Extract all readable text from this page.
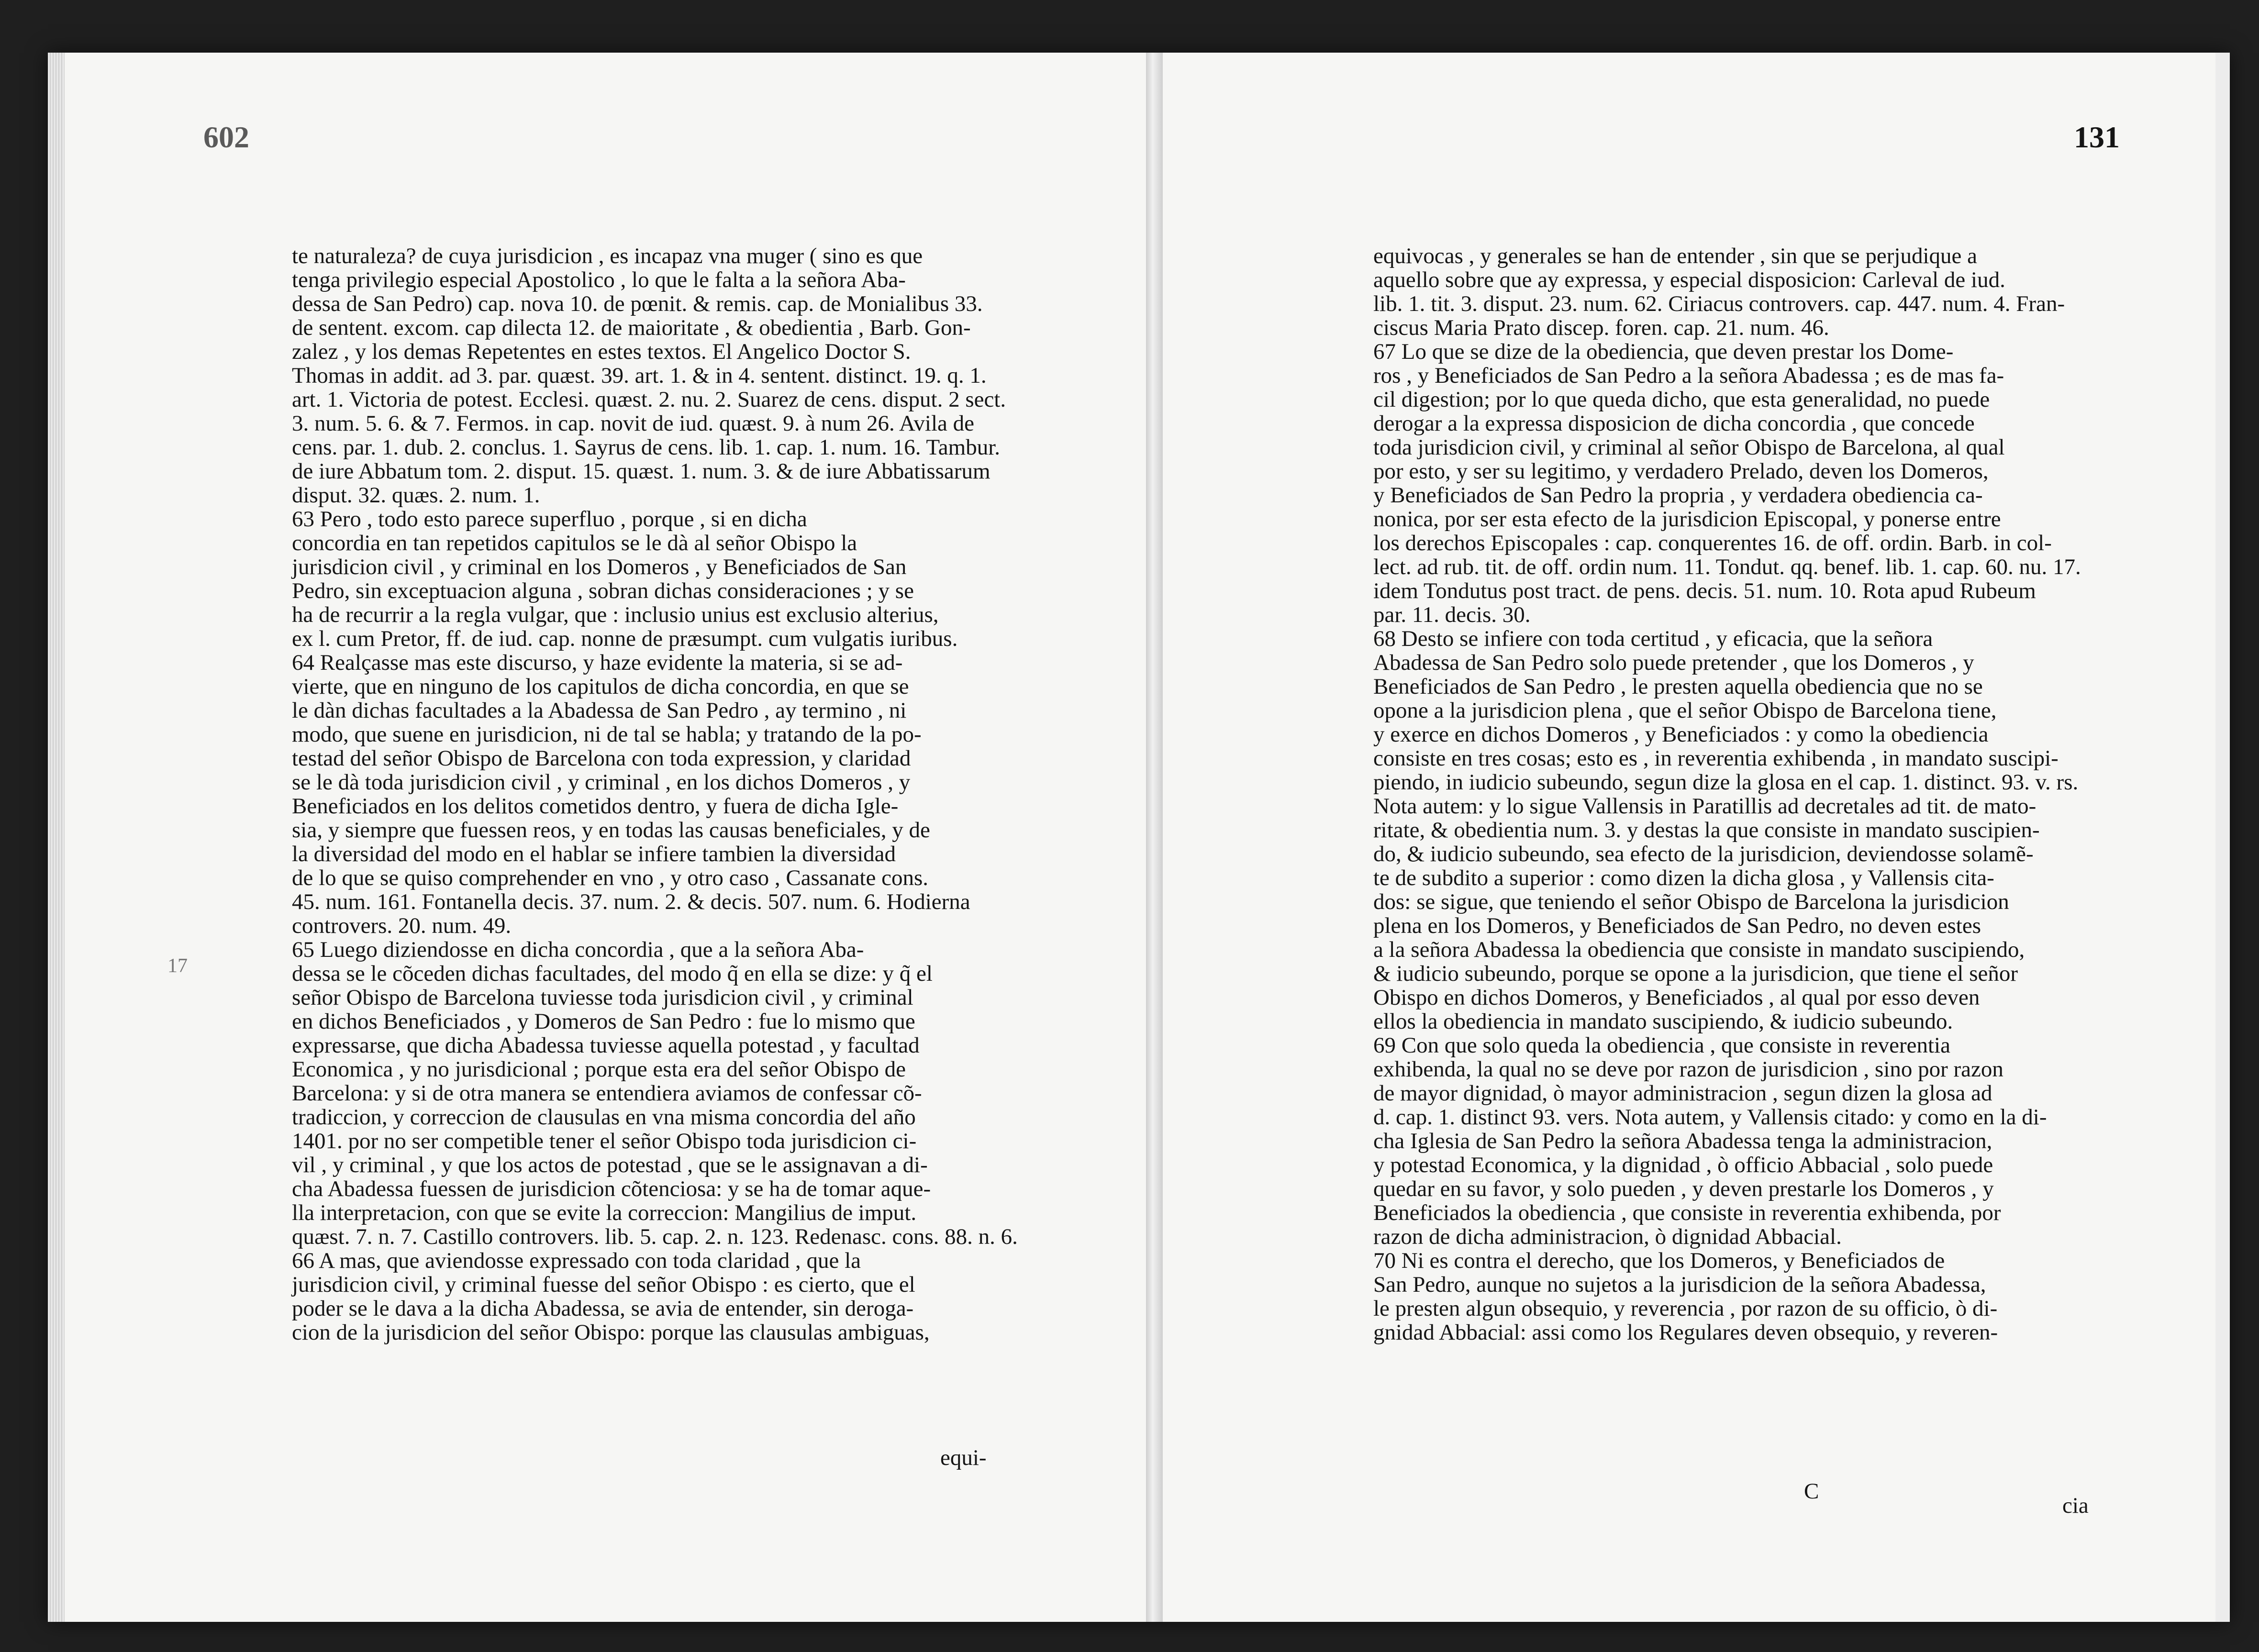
602
17
te naturaleza? de cuya jurisdicion , es incapaz vna muger ( sino es que
tenga privilegio especial Apostolico , lo que le falta a la señora Aba-
dessa de San Pedro) cap. nova 10. de pœnit. & remis. cap. de Monialibus 33.
de sentent. excom. cap dilecta 12. de maioritate , & obedientia , Barb. Gon-
zalez , y los demas Repetentes en estes textos. El Angelico Doctor S.
Thomas in addit. ad 3. par. quæst. 39. art. 1. & in 4. sentent. distinct. 19. q. 1.
art. 1. Victoria de potest. Ecclesi. quæst. 2. nu. 2. Suarez de cens. disput. 2 sect.
3. num. 5. 6. & 7. Fermos. in cap. novit de iud. quæst. 9. à num 26. Avila de
cens. par. 1. dub. 2. conclus. 1. Sayrus de cens. lib. 1. cap. 1. num. 16. Tambur.
de iure Abbatum tom. 2. disput. 15. quæst. 1. num. 3. & de iure Abbatissarum
disput. 32. quæs. 2. num. 1.
63 Pero , todo esto parece superfluo , porque , si en dicha
concordia en tan repetidos capitulos se le dà al señor Obispo la
jurisdicion civil , y criminal en los Domeros , y Beneficiados de San
Pedro, sin exceptuacion alguna , sobran dichas consideraciones ; y se
ha de recurrir a la regla vulgar, que : inclusio unius est exclusio alterius,
ex l. cum Pretor, ff. de iud. cap. nonne de præsumpt. cum vulgatis iuribus.
64 Realçasse mas este discurso, y haze evidente la materia, si se ad-
vierte, que en ninguno de los capitulos de dicha concordia, en que se
le dàn dichas facultades a la Abadessa de San Pedro , ay termino , ni
modo, que suene en jurisdicion, ni de tal se habla; y tratando de la po-
testad del señor Obispo de Barcelona con toda expression, y claridad
se le dà toda jurisdicion civil , y criminal , en los dichos Domeros , y
Beneficiados en los delitos cometidos dentro, y fuera de dicha Igle-
sia, y siempre que fuessen reos, y en todas las causas beneficiales, y de
la diversidad del modo en el hablar se infiere tambien la diversidad
de lo que se quiso comprehender en vno , y otro caso , Cassanate cons.
45. num. 161. Fontanella decis. 37. num. 2. & decis. 507. num. 6. Hodierna
controvers. 20. num. 49.
65 Luego diziendosse en dicha concordia , que a la señora Aba-
dessa se le cõceden dichas facultades, del modo q̃ en ella se dize: y q̃ el
señor Obispo de Barcelona tuviesse toda jurisdicion civil , y criminal
en dichos Beneficiados , y Domeros de San Pedro : fue lo mismo que
expressarse, que dicha Abadessa tuviesse aquella potestad , y facultad
Economica , y no jurisdicional ; porque esta era del señor Obispo de
Barcelona: y si de otra manera se entendiera aviamos de confessar cõ-
tradiccion, y correccion de clausulas en vna misma concordia del año
1401. por no ser competible tener el señor Obispo toda jurisdicion ci-
vil , y criminal , y que los actos de potestad , que se le assignavan a di-
cha Abadessa fuessen de jurisdicion cõtenciosa: y se ha de tomar aque-
lla interpretacion, con que se evite la correccion: Mangilius de imput.
quæst. 7. n. 7. Castillo controvers. lib. 5. cap. 2. n. 123. Redenasc. cons. 88. n. 6.
66 A mas, que aviendosse expressado con toda claridad , que la
jurisdicion civil, y criminal fuesse del señor Obispo : es cierto, que el
poder se le dava a la dicha Abadessa, se avia de entender, sin deroga-
cion de la jurisdicion del señor Obispo: porque las clausulas ambiguas,
equi-
131
equivocas , y generales se han de entender , sin que se perjudique a
aquello sobre que ay expressa, y especial disposicion: Carleval de iud.
lib. 1. tit. 3. disput. 23. num. 62. Ciriacus controvers. cap. 447. num. 4. Fran-
ciscus Maria Prato discep. foren. cap. 21. num. 46.
67 Lo que se dize de la obediencia, que deven prestar los Dome-
ros , y Beneficiados de San Pedro a la señora Abadessa ; es de mas fa-
cil digestion; por lo que queda dicho, que esta generalidad, no puede
derogar a la expressa disposicion de dicha concordia , que concede
toda jurisdicion civil, y criminal al señor Obispo de Barcelona, al qual
por esto, y ser su legitimo, y verdadero Prelado, deven los Domeros,
y Beneficiados de San Pedro la propria , y verdadera obediencia ca-
nonica, por ser esta efecto de la jurisdicion Episcopal, y ponerse entre
los derechos Episcopales : cap. conquerentes 16. de off. ordin. Barb. in col-
lect. ad rub. tit. de off. ordin num. 11. Tondut. qq. benef. lib. 1. cap. 60. nu. 17.
idem Tondutus post tract. de pens. decis. 51. num. 10. Rota apud Rubeum
par. 11. decis. 30.
68 Desto se infiere con toda certitud , y eficacia, que la señora
Abadessa de San Pedro solo puede pretender , que los Domeros , y
Beneficiados de San Pedro , le presten aquella obediencia que no se
opone a la jurisdicion plena , que el señor Obispo de Barcelona tiene,
y exerce en dichos Domeros , y Beneficiados : y como la obediencia
consiste en tres cosas; esto es , in reverentia exhibenda , in mandato suscipi-
piendo, in iudicio subeundo, segun dize la glosa en el cap. 1. distinct. 93. v. rs.
Nota autem: y lo sigue Vallensis in Paratillis ad decretales ad tit. de mato-
ritate, & obedientia num. 3. y destas la que consiste in mandato suscipien-
do, & iudicio subeundo, sea efecto de la jurisdicion, deviendosse solamẽ-
te de subdito a superior : como dizen la dicha glosa , y Vallensis cita-
dos: se sigue, que teniendo el señor Obispo de Barcelona la jurisdicion
plena en los Domeros, y Beneficiados de San Pedro, no deven estes
a la señora Abadessa la obediencia que consiste in mandato suscipiendo,
& iudicio subeundo, porque se opone a la jurisdicion, que tiene el señor
Obispo en dichos Domeros, y Beneficiados , al qual por esso deven
ellos la obediencia in mandato suscipiendo, & iudicio subeundo.
69 Con que solo queda la obediencia , que consiste in reverentia
exhibenda, la qual no se deve por razon de jurisdicion , sino por razon
de mayor dignidad, ò mayor administracion , segun dizen la glosa ad
d. cap. 1. distinct 93. vers. Nota autem, y Vallensis citado: y como en la di-
cha Iglesia de San Pedro la señora Abadessa tenga la administracion,
y potestad Economica, y la dignidad , ò officio Abbacial , solo puede
quedar en su favor, y solo pueden , y deven prestarle los Domeros , y
Beneficiados la obediencia , que consiste in reverentia exhibenda, por
razon de dicha administracion, ò dignidad Abbacial.
70 Ni es contra el derecho, que los Domeros, y Beneficiados de
San Pedro, aunque no sujetos a la jurisdicion de la señora Abadessa,
le presten algun obsequio, y reverencia , por razon de su officio, ò di-
gnidad Abbacial: assi como los Regulares deven obsequio, y reveren-
C
cia
